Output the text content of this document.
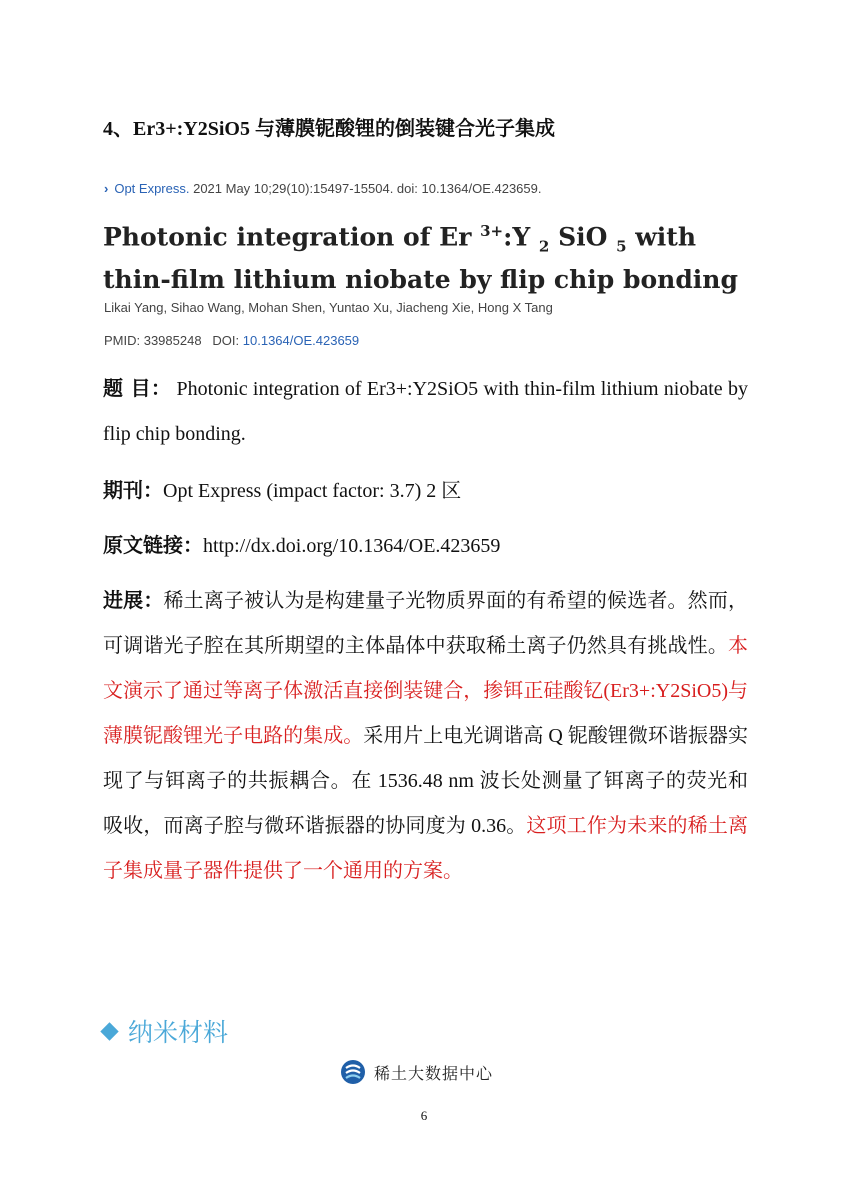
4、Er3+:Y2SiO5 与薄膜铌酸锂的倒装键合光子集成
› Opt Express. 2021 May 10;29(10):15497-15504. doi: 10.1364/OE.423659.
Photonic integration of Er $^{3+}$:Y $_2$ SiO $_5$ with thin-film lithium niobate by flip chip bonding
Likai Yang, Sihao Wang, Mohan Shen, Yuntao Xu, Jiacheng Xie, Hong X Tang
PMID: 33985248 DOI: 10.1364/OE.423659
题 目： Photonic integration of Er3+:Y2SiO5 with thin-film lithium niobate by flip chip bonding.
期刊：Opt Express (impact factor: 3.7) 2 区
原文链接：http://dx.doi.org/10.1364/OE.423659
进展：稀土离子被认为是构建量子光物质界面的有希望的候选者。然而，可调谐光子腔在其所期望的主体晶体中获取稀土离子仍然具有挑战性。本文演示了通过等离子体激活直接倒装键合，掺铒正硅酸钇(Er3+:Y2SiO5)与薄膜铌酸锂光子电路的集成。采用片上电光调谐高 Q 铌酸锂微环谐振器实现了与铒离子的共振耦合。在 1536.48 nm 波长处测量了铒离子的荧光和吸收，而离子腔与微环谐振器的协同度为 0.36。这项工作为未来的稀土离子集成量子器件提供了一个通用的方案。
纳米材料
稀土大数据中心
6
